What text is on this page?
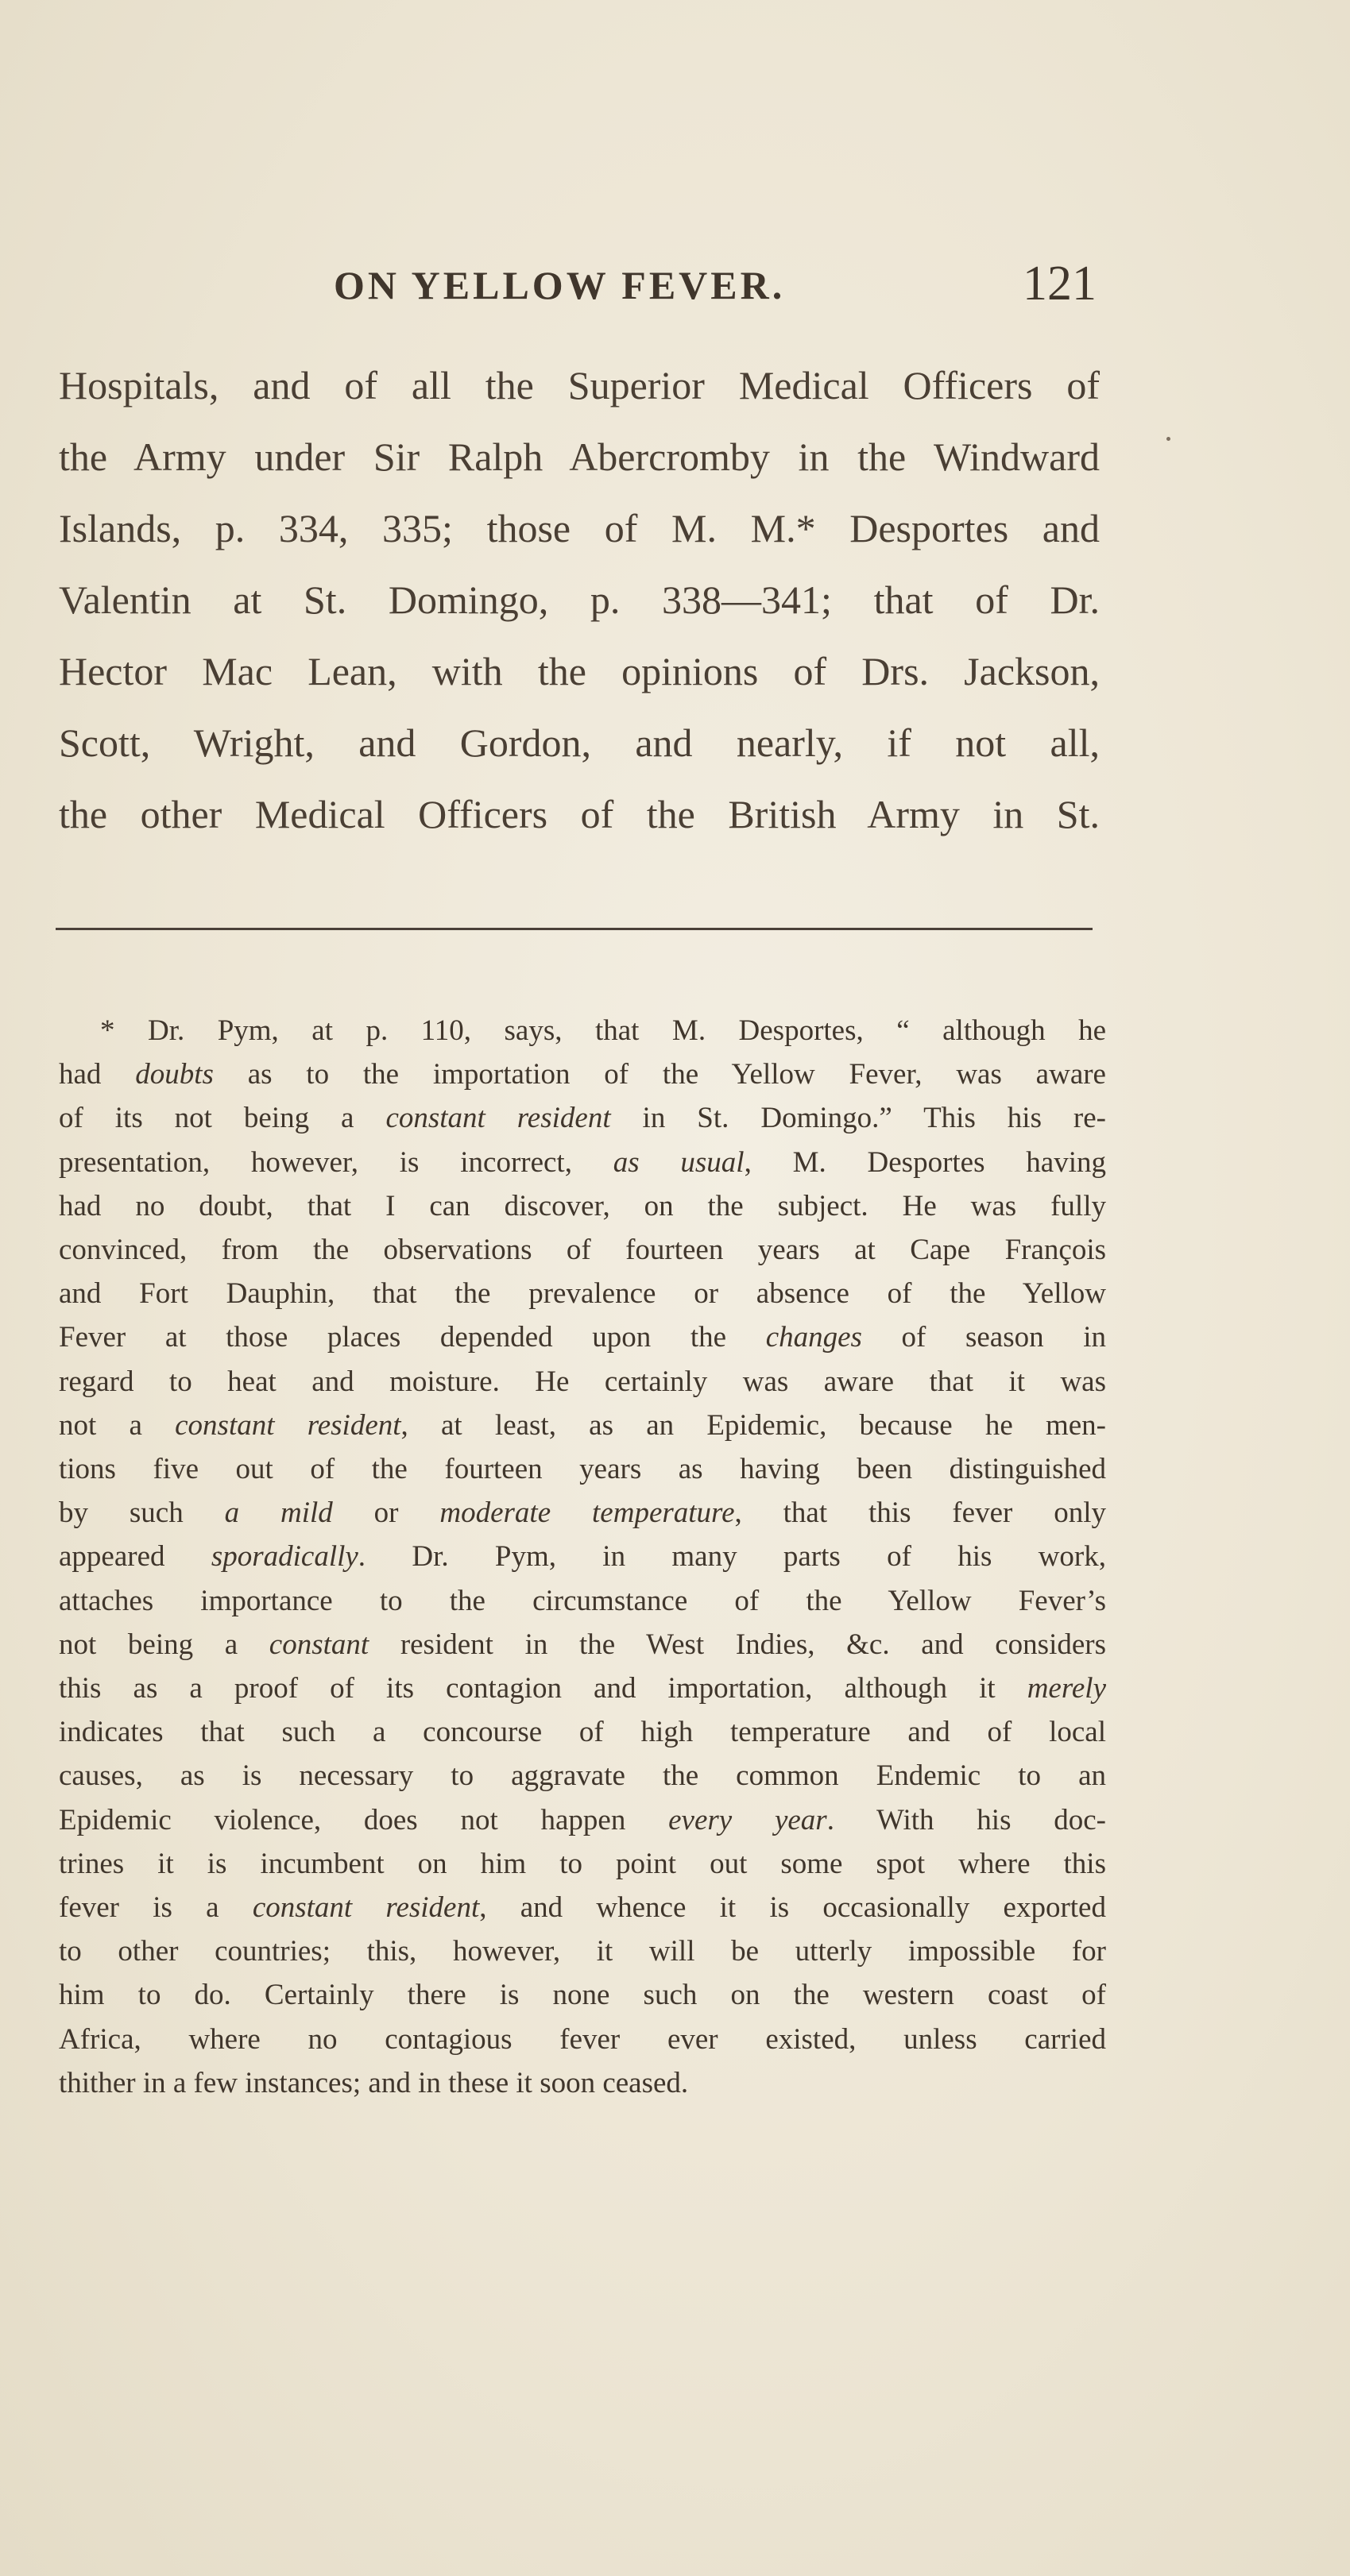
ON YELLOW FEVER.	121
Hospitals, and of all the Superior Medical Officers of
the Army under Sir Ralph Abercromby in the Windward
Islands, p. 334, 335; those of M. M.* Desportes and
Valentin at St. Domingo, p. 338—341; that of Dr.
Hector Mac Lean, with the opinions of Drs. Jackson,
Scott, Wright, and Gordon, and nearly, if not all,
the other Medical Officers of the British Army in St.
* Dr. Pym, at p. 110, says, that M. Desportes, “ although he
had doubts as to the importation of the Yellow Fever, was aware
of its not being a constant resident in St. Domingo.” This his re-
presentation, however, is incorrect, as usual, M. Desportes having
had no doubt, that I can discover, on the subject. He was fully
convinced, from the observations of fourteen years at Cape François
and Fort Dauphin, that the prevalence or absence of the Yellow
Fever at those places depended upon the changes of season in
regard to heat and moisture. He certainly was aware that it was
not a constant resident, at least, as an Epidemic, because he men-
tions five out of the fourteen years as having been distinguished
by such a mild or moderate temperature, that this fever only
appeared sporadically. Dr. Pym, in many parts of his work,
attaches importance to the circumstance of the Yellow Fever’s
not being a constant resident in the West Indies, &c. and considers
this as a proof of its contagion and importation, although it merely
indicates that such a concourse of high temperature and of local
causes, as is necessary to aggravate the common Endemic to an
Epidemic violence, does not happen every year. With his doc-
trines it is incumbent on him to point out some spot where this
fever is a constant resident, and whence it is occasionally exported
to other countries; this, however, it will be utterly impossible for
him to do. Certainly there is none such on the western coast of
Africa, where no contagious fever ever existed, unless carried
thither in a few instances; and in these it soon ceased.
